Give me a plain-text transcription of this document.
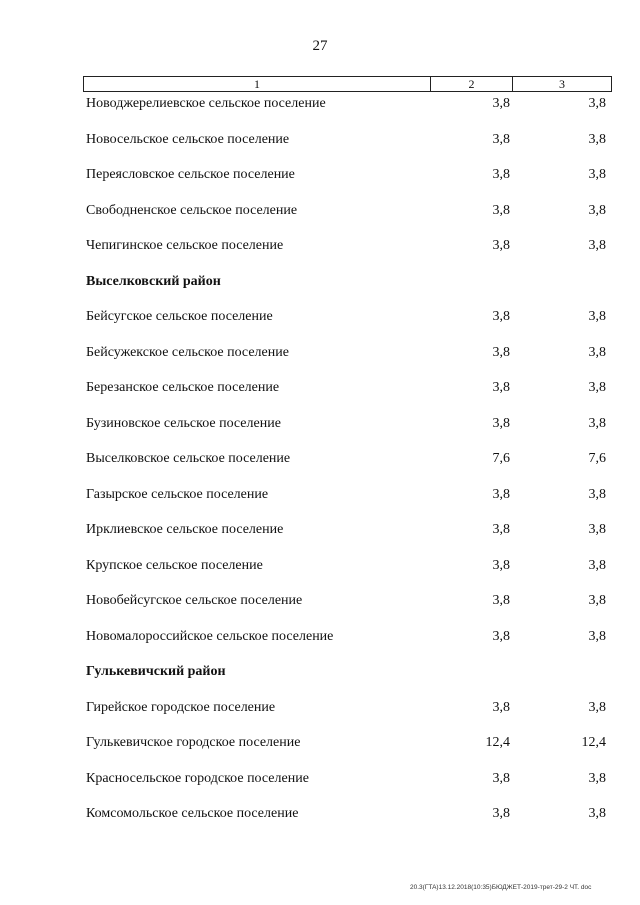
27
1	2	3
Новоджерелиевское сельское поселение	3,8	3,8
Новосельское сельское поселение	3,8	3,8
Переясловское сельское поселение	3,8	3,8
Свободненское сельское поселение	3,8	3,8
Чепигинское сельское поселение	3,8	3,8
Выселковский район
Бейсугское сельское поселение	3,8	3,8
Бейсужекское сельское поселение	3,8	3,8
Березанское сельское поселение	3,8	3,8
Бузиновское сельское поселение	3,8	3,8
Выселковское сельское поселение	7,6	7,6
Газырское сельское поселение	3,8	3,8
Ирклиевское сельское поселение	3,8	3,8
Крупское сельское поселение	3,8	3,8
Новобейсугское сельское поселение	3,8	3,8
Новомалороссийское сельское поселение	3,8	3,8
Гулькевичский район
Гирейское городское поселение	3,8	3,8
Гулькевичское городское поселение	12,4	12,4
Красносельское городское поселение	3,8	3,8
Комсомольское сельское поселение	3,8	3,8
20.3(ГТА)13.12.2018(10:35)БЮДЖЕТ-2019-трет-29-2 ЧТ. doc
